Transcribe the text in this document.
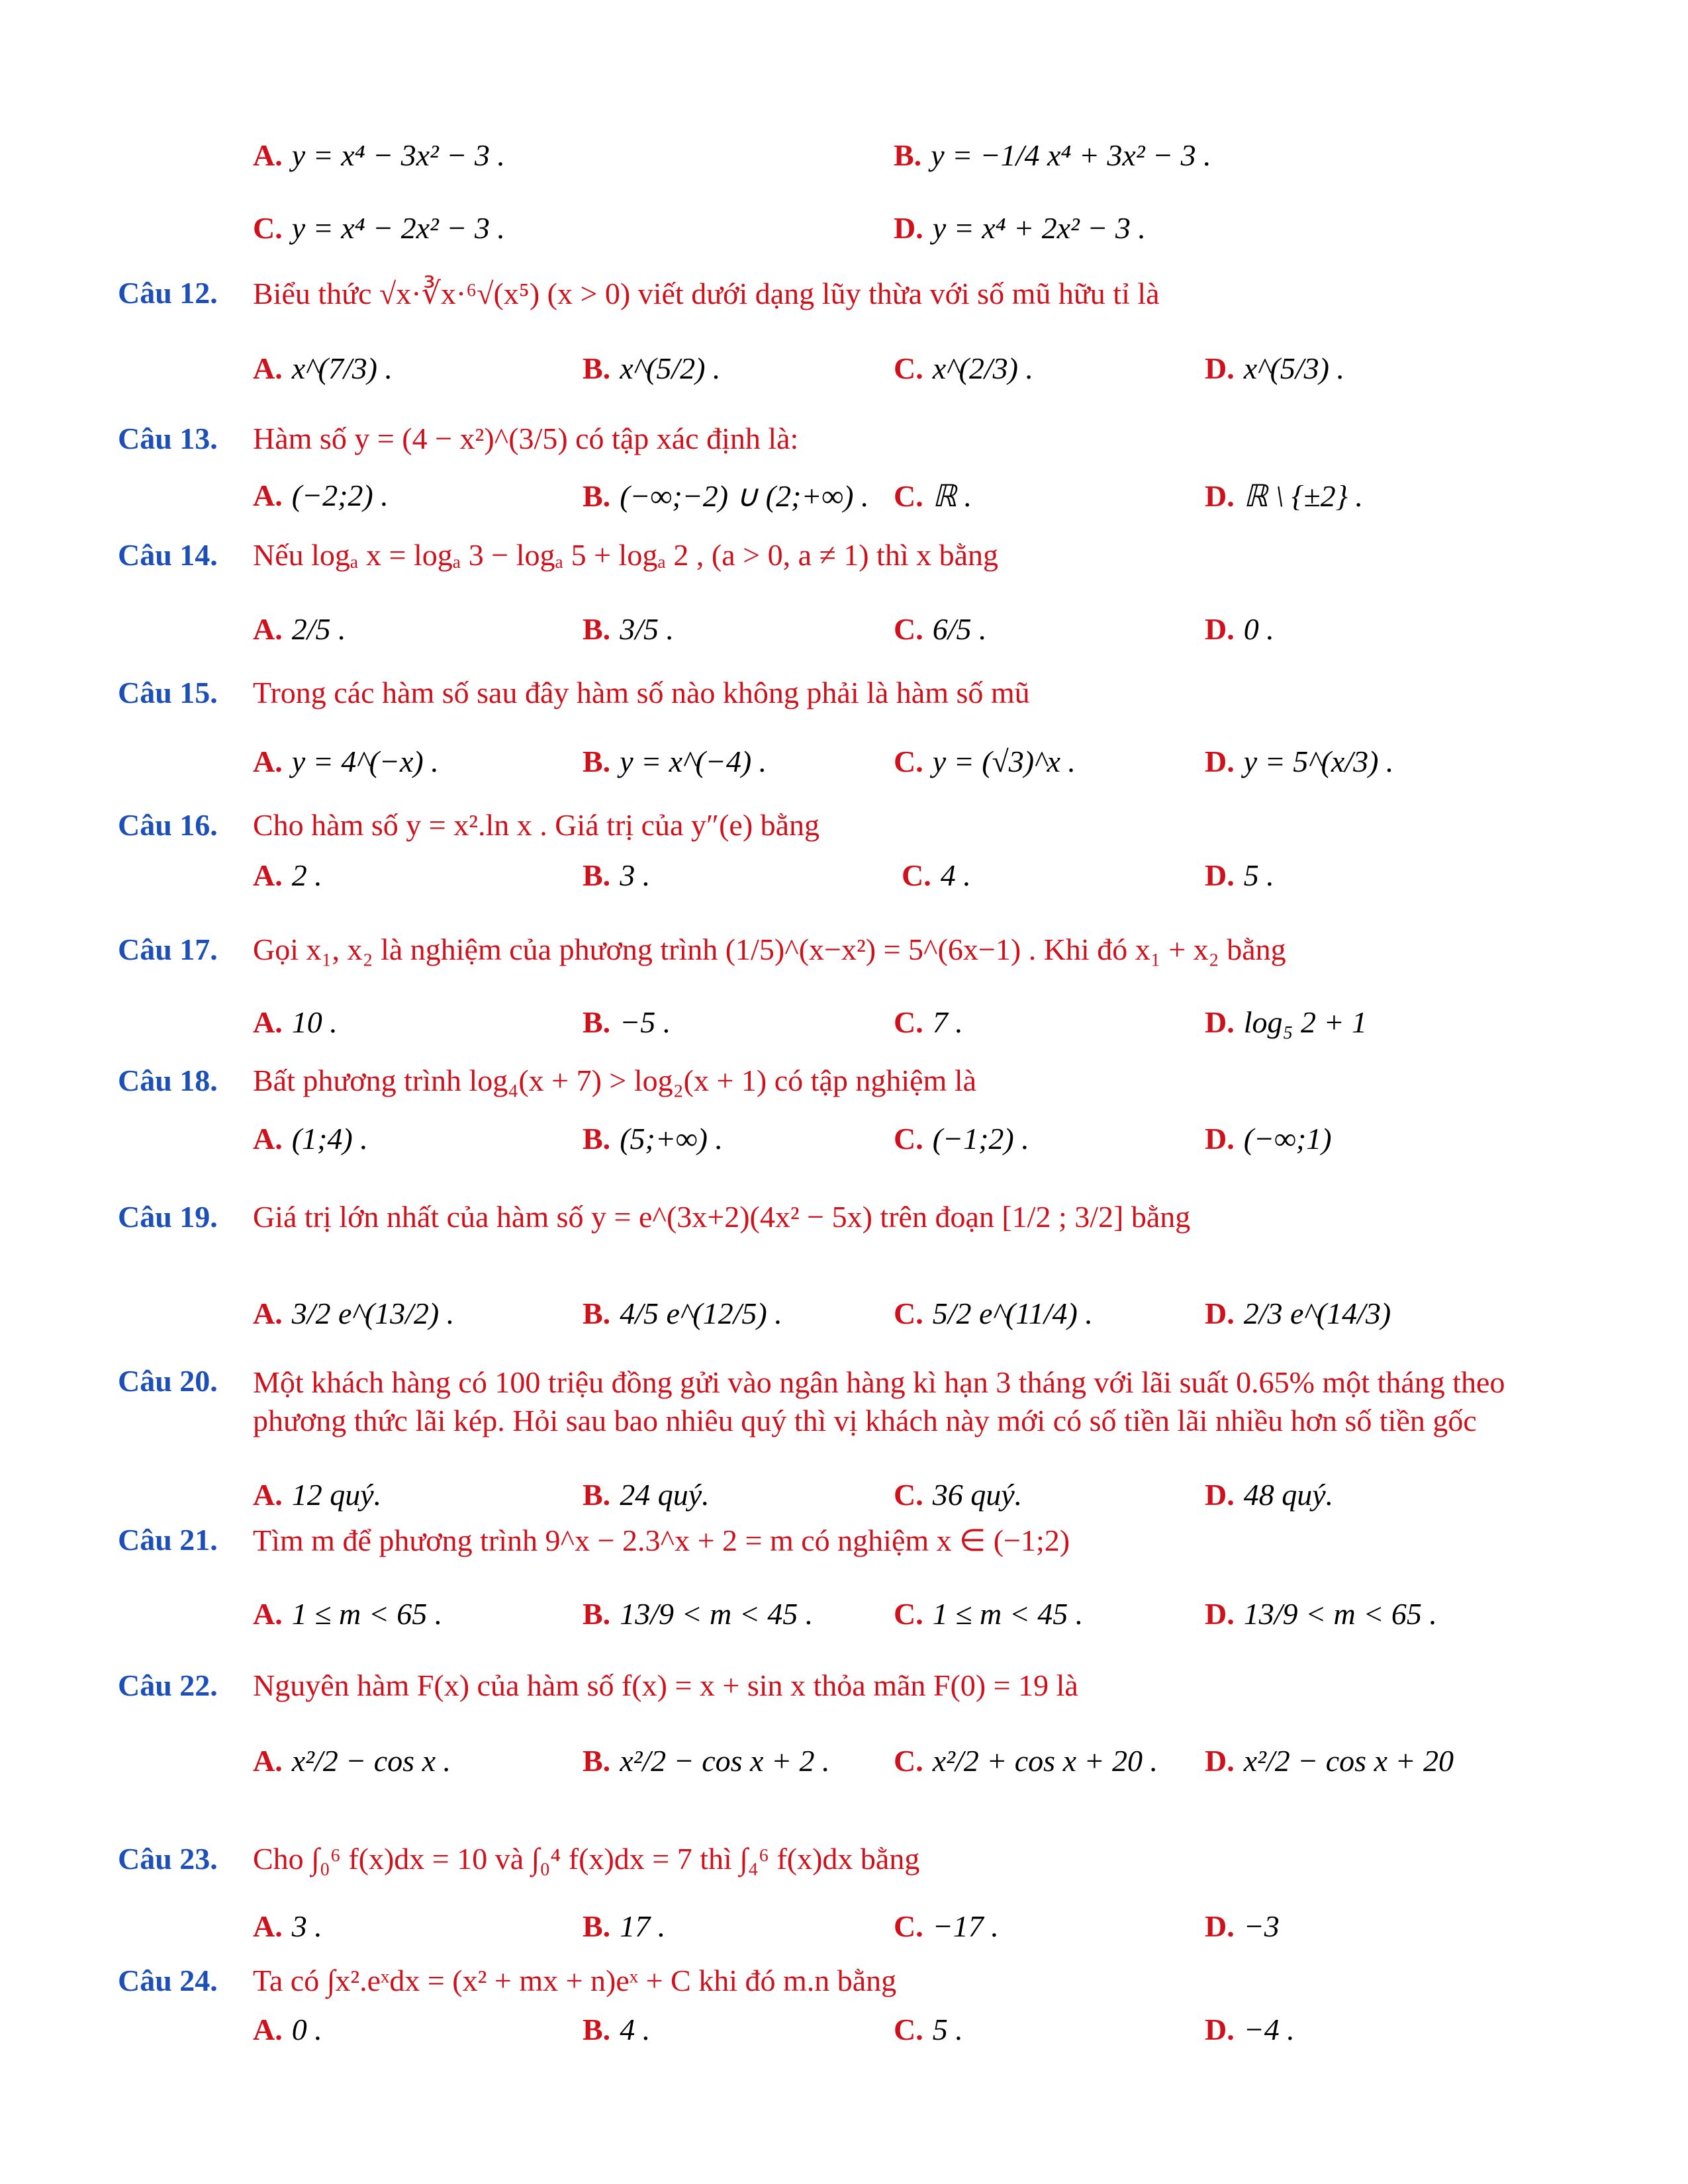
A. y = x⁴ − 3x² − 3 .	B. y = −1/4 x⁴ + 3x² − 3 .
C. y = x⁴ − 2x² − 3 .	D. y = x⁴ + 2x² − 3 .
Câu 12. Biểu thức √x·∛x·⁶√(x⁵) (x > 0) viết dưới dạng lũy thừa với số mũ hữu tỉ là
A. x^(7/3) .	B. x^(5/2) .	C. x^(2/3) .	D. x^(5/3) .
Câu 13. Hàm số y = (4 − x²)^(3/5) có tập xác định là:
A. (−2;2) .	B. (−∞;−2) ∪ (2;+∞) . C. ℝ .	D. ℝ \ {±2} .
Câu 14. Nếu logₐ x = logₐ 3 − logₐ 5 + logₐ 2 , (a > 0, a ≠ 1) thì x bằng
A. 2/5 .	B. 3/5 .	C. 6/5 .	D. 0 .
Câu 15. Trong các hàm số sau đây hàm số nào không phải là hàm số mũ
A. y = 4^(−x) .	B. y = x^(−4) .	C. y = (√3)^x .	D. y = 5^(x/3) .
Câu 16. Cho hàm số y = x².ln x . Giá trị của y″(e) bằng
A. 2 .	B. 3 .	C. 4 .	D. 5 .
Câu 17. Gọi x₁, x₂ là nghiệm của phương trình (1/5)^(x−x²) = 5^(6x−1) . Khi đó x₁ + x₂ bằng
A. 10 .	B. −5 .	C. 7 .	D. log₅ 2 + 1
Câu 18. Bất phương trình log₄(x + 7) > log₂(x + 1) có tập nghiệm là
A. (1;4) .	B. (5;+∞) .	C. (−1;2) .	D. (−∞;1)
Câu 19. Giá trị lớn nhất của hàm số y = e^(3x+2)(4x² − 5x) trên đoạn [1/2 ; 3/2] bằng
A. 3/2 e^(13/2) .	B. 4/5 e^(12/5) .	C. 5/2 e^(11/4) .	D. 2/3 e^(14/3)
Câu 20. Một khách hàng có 100 triệu đồng gửi vào ngân hàng kì hạn 3 tháng với lãi suất 0.65% một tháng theo phương thức lãi kép. Hỏi sau bao nhiêu quý thì vị khách này mới có số tiền lãi nhiều hơn số tiền gốc
A. 12 quý.	B. 24 quý.	C. 36 quý.	D. 48 quý.
Câu 21. Tìm m để phương trình 9^x − 2.3^x + 2 = m có nghiệm x ∈ (−1;2)
A. 1 ≤ m < 65 .	B. 13/9 < m < 45 .	C. 1 ≤ m < 45 .	D. 13/9 < m < 65 .
Câu 22. Nguyên hàm F(x) của hàm số f(x) = x + sin x thỏa mãn F(0) = 19 là
A. x²/2 − cos x .	B. x²/2 − cos x + 2 . C. x²/2 + cos x + 20 . D. x²/2 − cos x + 20
Câu 23. Cho ∫₀⁶ f(x)dx = 10 và ∫₀⁴ f(x)dx = 7 thì ∫₄⁶ f(x)dx bằng
A. 3 .	B. 17 .	C. −17 .	D. −3
Câu 24. Ta có ∫x².eˣdx = (x² + mx + n)eˣ + C khi đó m.n bằng
A. 0 .	B. 4 .	C. 5 .	D. −4 .
